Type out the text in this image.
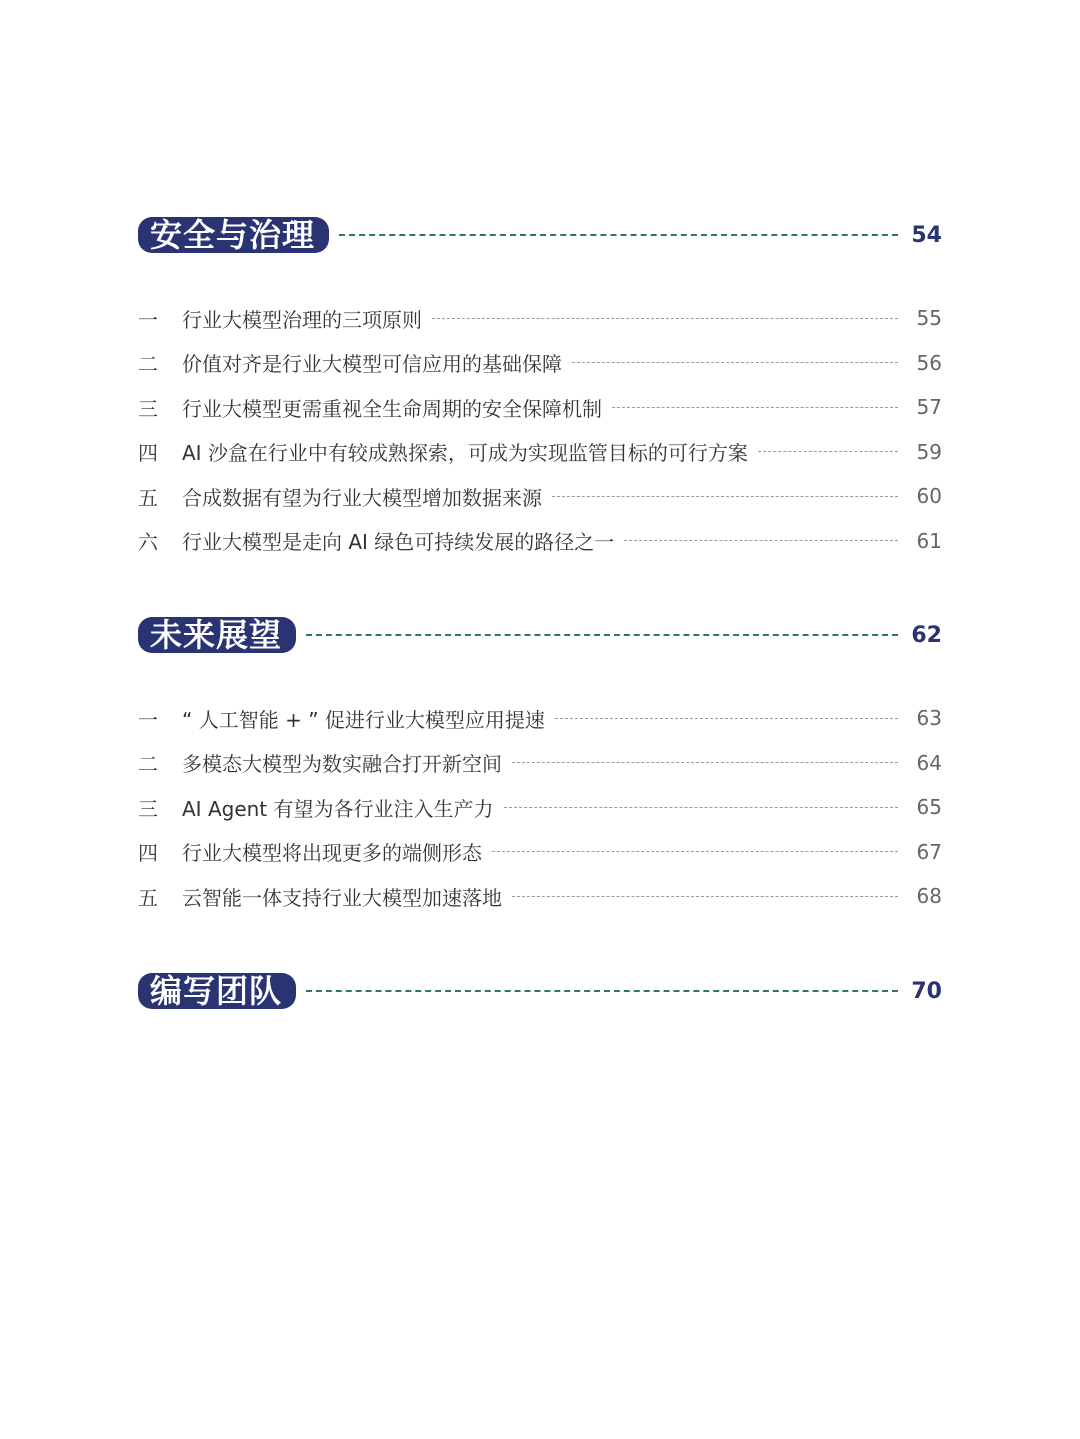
安全与治理	54
一	行业大模型治理的三项原则	55
二	价值对齐是行业大模型可信应用的基础保障	56
三	行业大模型更需重视全生命周期的安全保障机制	57
四	AI 沙盒在行业中有较成熟探索，可成为实现监管目标的可行方案	59
五	合成数据有望为行业大模型增加数据来源	60
六	行业大模型是走向 AI 绿色可持续发展的路径之一	61
未来展望	62
一	“ 人工智能 + ” 促进行业大模型应用提速	63
二	多模态大模型为数实融合打开新空间	64
三	AI Agent 有望为各行业注入生产力	65
四	行业大模型将出现更多的端侧形态	67
五	云智能一体支持行业大模型加速落地	68
编写团队	70
